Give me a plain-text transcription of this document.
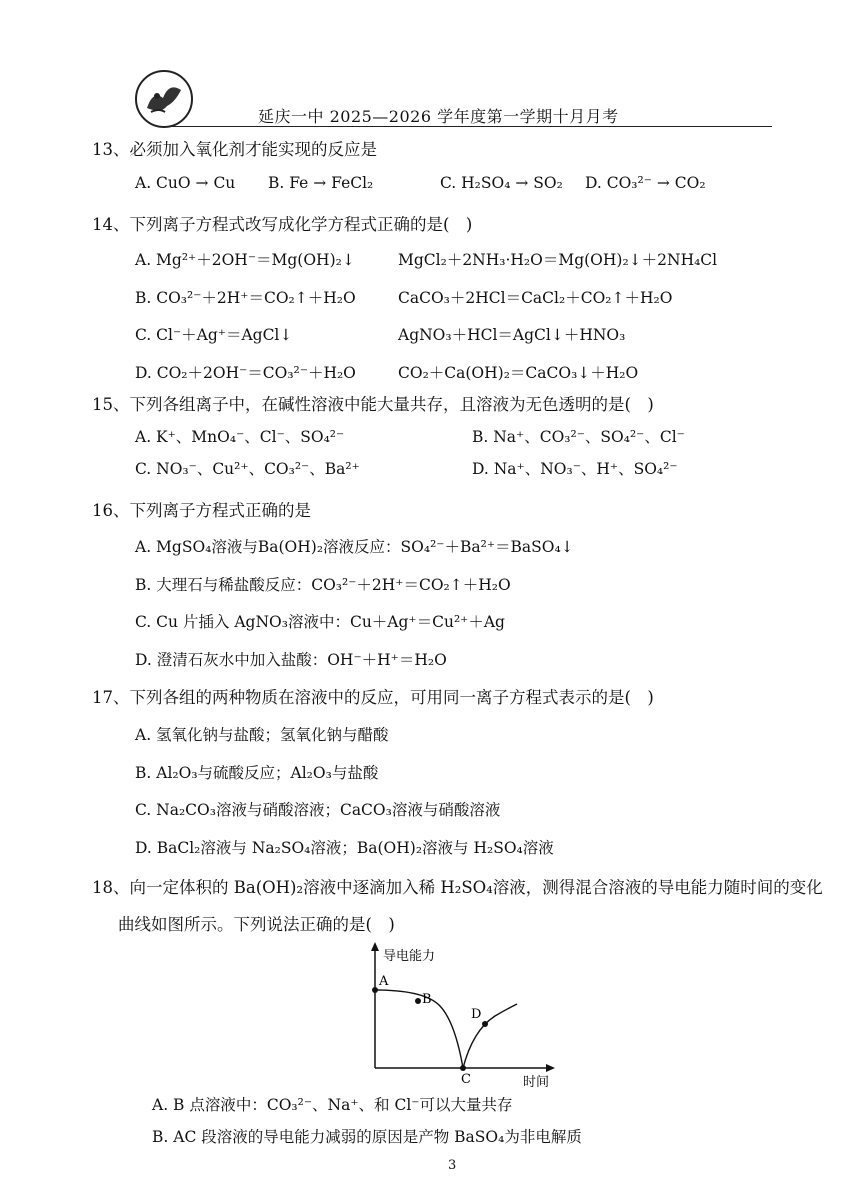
延庆一中 2025—2026 学年度第一学期十月月考
13、必须加入氧化剂才能实现的反应是
A. CuO → Cu B. Fe → FeCl₂	C. H₂SO₄ → SO₂ D. CO₃²⁻ → CO₂
14、下列离子方程式改写成化学方程式正确的是(　)
A. Mg²⁺＋2OH⁻＝Mg(OH)₂↓	MgCl₂＋2NH₃·H₂O＝Mg(OH)₂↓＋2NH₄Cl
B. CO₃²⁻＋2H⁺＝CO₂↑＋H₂O	CaCO₃＋2HCl＝CaCl₂＋CO₂↑＋H₂O
C. Cl⁻＋Ag⁺＝AgCl↓	AgNO₃＋HCl＝AgCl↓＋HNO₃
D. CO₂＋2OH⁻＝CO₃²⁻＋H₂O	CO₂＋Ca(OH)₂＝CaCO₃↓＋H₂O
15、下列各组离子中，在碱性溶液中能大量共存，且溶液为无色透明的是(　)
A. K⁺、MnO₄⁻、Cl⁻、SO₄²⁻	B. Na⁺、CO₃²⁻、SO₄²⁻、Cl⁻
C. NO₃⁻、Cu²⁺、CO₃²⁻、Ba²⁺	D. Na⁺、NO₃⁻、H⁺、SO₄²⁻
16、下列离子方程式正确的是
A. MgSO₄溶液与Ba(OH)₂溶液反应：SO₄²⁻＋Ba²⁺＝BaSO₄↓
B. 大理石与稀盐酸反应：CO₃²⁻＋2H⁺＝CO₂↑＋H₂O
C. Cu 片插入 AgNO₃溶液中：Cu＋Ag⁺＝Cu²⁺＋Ag
D. 澄清石灰水中加入盐酸：OH⁻＋H⁺＝H₂O
17、下列各组的两种物质在溶液中的反应，可用同一离子方程式表示的是(　)
A. 氢氧化钠与盐酸；氢氧化钠与醋酸
B. Al₂O₃与硫酸反应；Al₂O₃与盐酸
C. Na₂CO₃溶液与硝酸溶液；CaCO₃溶液与硝酸溶液
D. BaCl₂溶液与 Na₂SO₄溶液；Ba(OH)₂溶液与 H₂SO₄溶液
18、向一定体积的 Ba(OH)₂溶液中逐滴加入稀 H₂SO₄溶液，测得混合溶液的导电能力随时间的变化
曲线如图所示。下列说法正确的是(　)
导电能力
时间
A
B
C
D
A. B 点溶液中：CO₃²⁻、Na⁺、和 Cl⁻可以大量共存
B. AC 段溶液的导电能力减弱的原因是产物 BaSO₄为非电解质
3
